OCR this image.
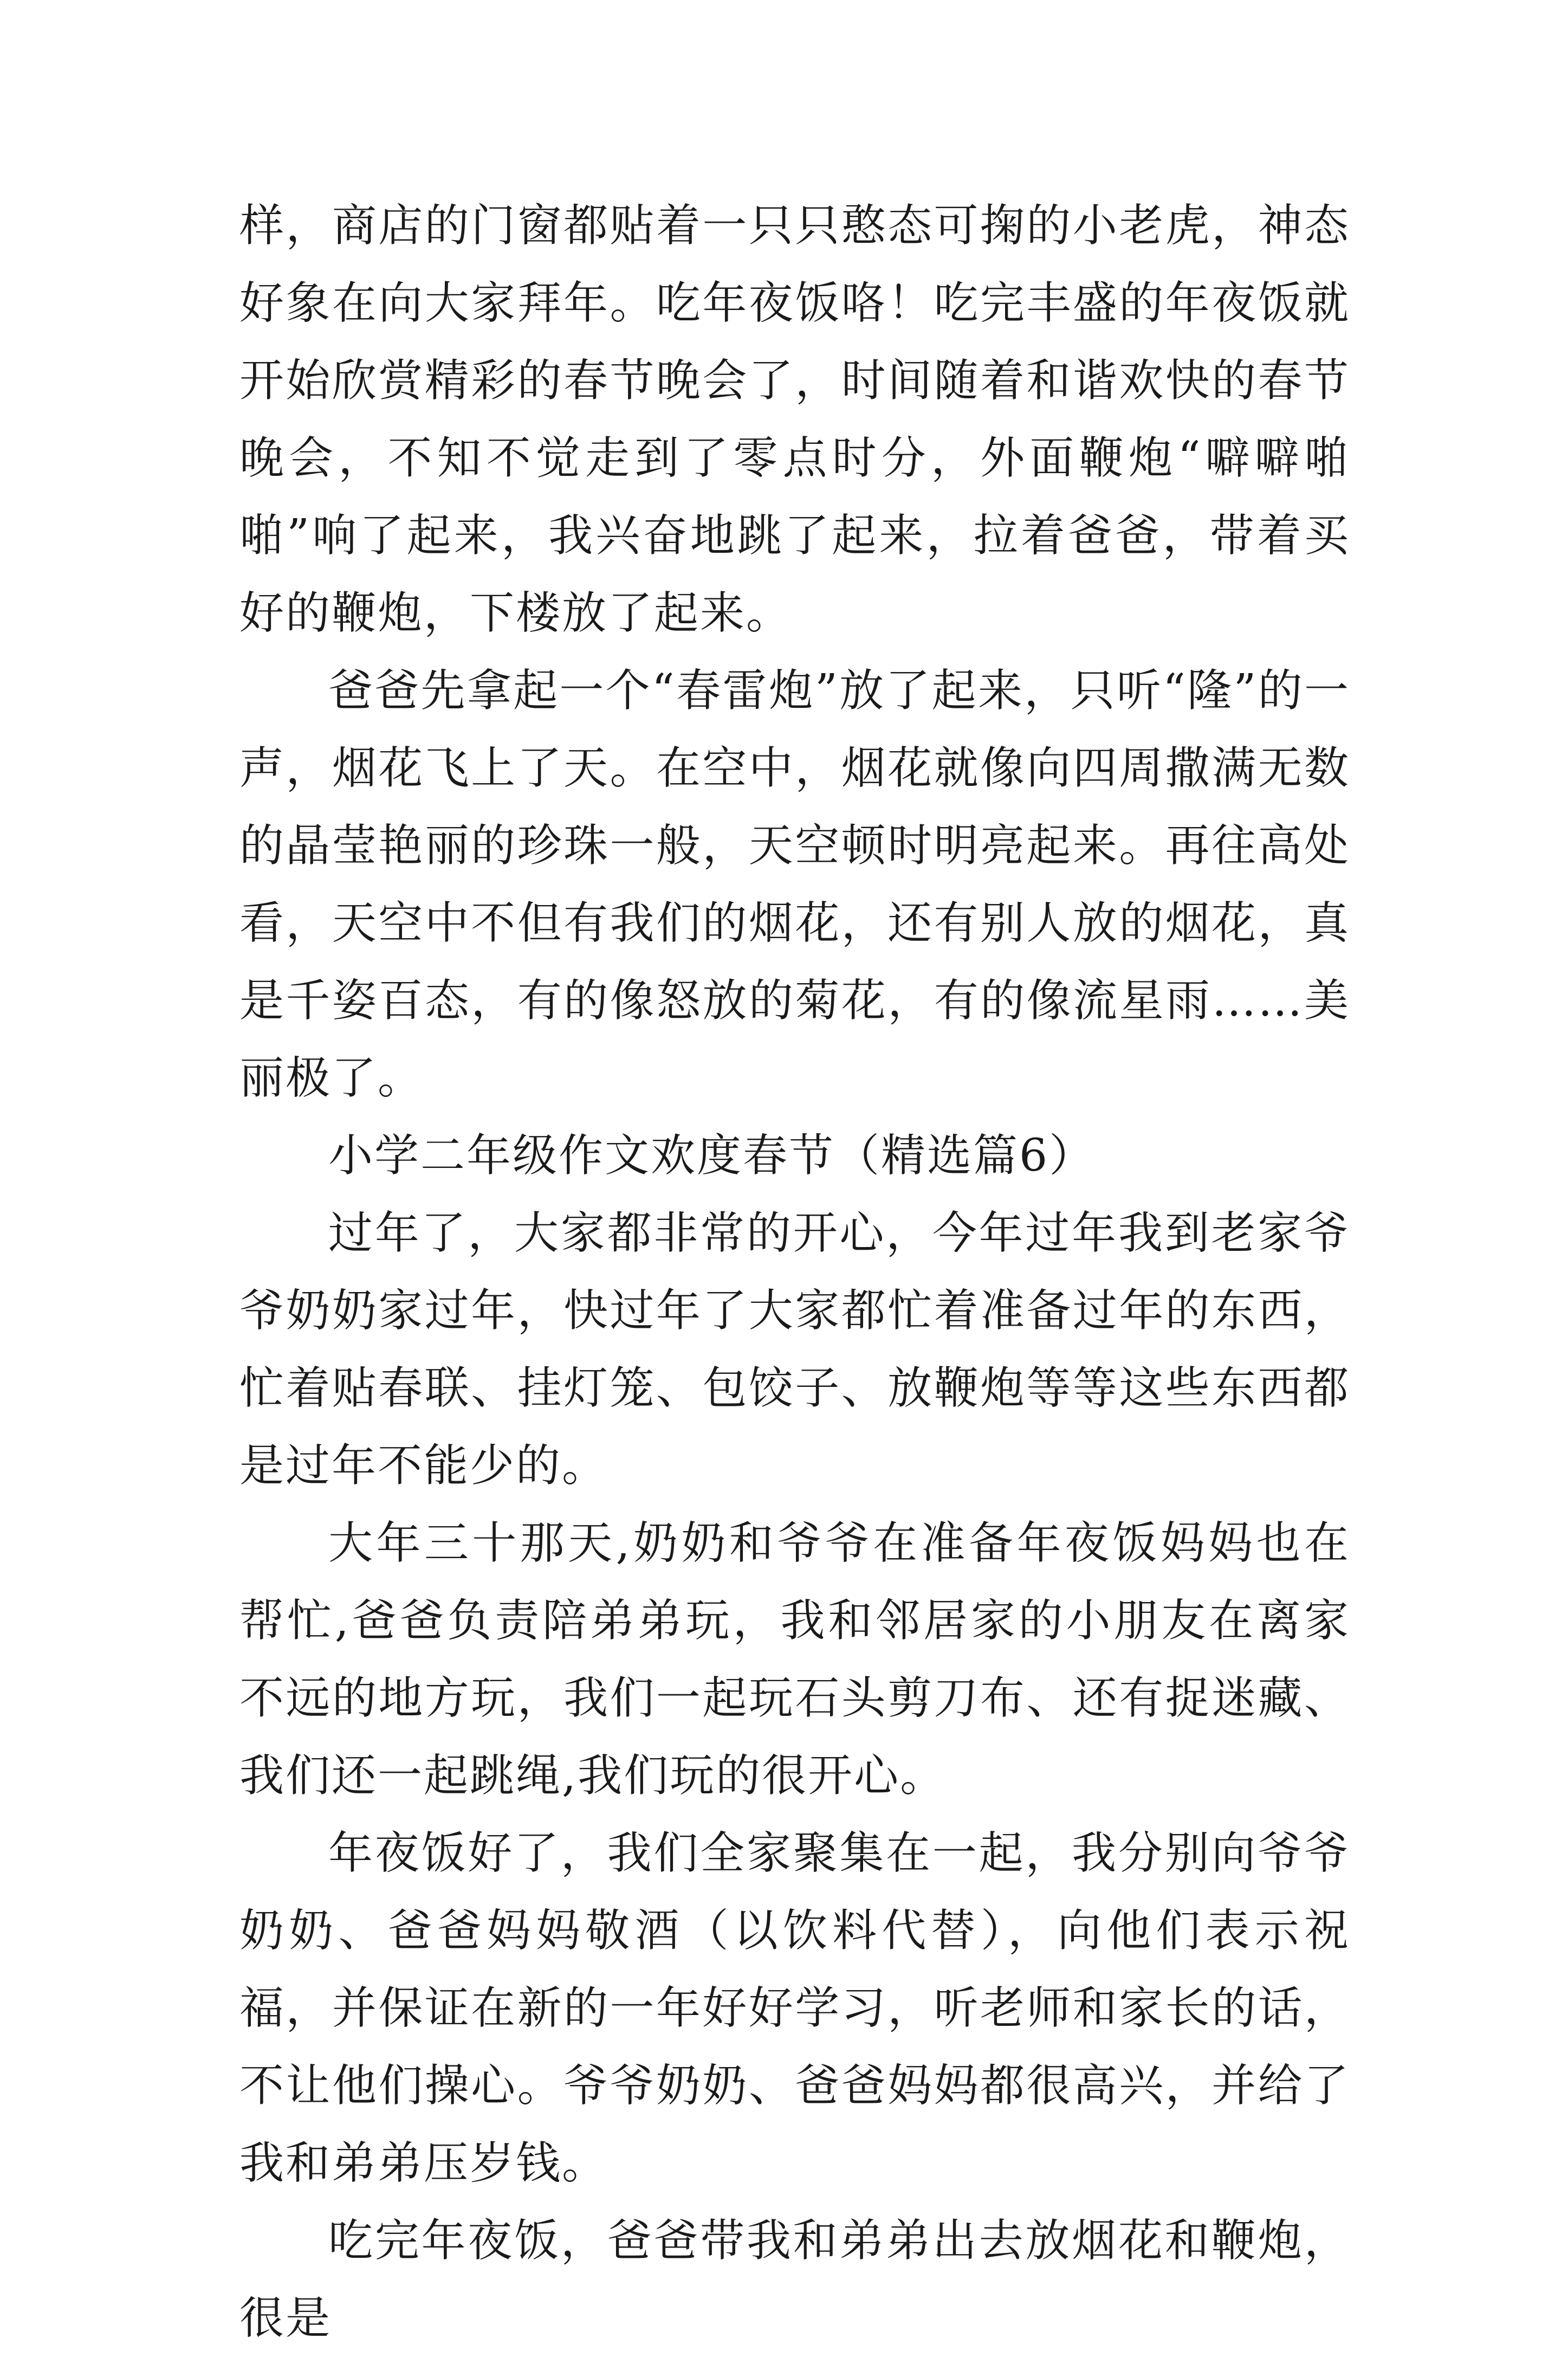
样，商店的门窗都贴着一只只憨态可掬的小老虎，神态好象在向大家拜年。吃年夜饭咯！吃完丰盛的年夜饭就开始欣赏精彩的春节晚会了，时间随着和谐欢快的春节晚会，不知不觉走到了零点时分，外面鞭炮“噼噼啪啪”响了起来，我兴奋地跳了起来，拉着爸爸，带着买好的鞭炮，下楼放了起来。

爸爸先拿起一个“春雷炮”放了起来，只听“隆”的一声，烟花飞上了天。在空中，烟花就像向四周撒满无数的晶莹艳丽的珍珠一般，天空顿时明亮起来。再往高处看，天空中不但有我们的烟花，还有别人放的烟花，真是千姿百态，有的像怒放的菊花，有的像流星雨……美丽极了。

小学二年级作文欢度春节（精选篇6）

过年了，大家都非常的开心，今年过年我到老家爷爷奶奶家过年，快过年了大家都忙着准备过年的东西，忙着贴春联、挂灯笼、包饺子、放鞭炮等等这些东西都是过年不能少的。

大年三十那天,奶奶和爷爷在准备年夜饭妈妈也在帮忙,爸爸负责陪弟弟玩，我和邻居家的小朋友在离家不远的地方玩，我们一起玩石头剪刀布、还有捉迷藏、我们还一起跳绳,我们玩的很开心。

年夜饭好了，我们全家聚集在一起，我分别向爷爷奶奶、爸爸妈妈敬酒（以饮料代替），向他们表示祝福，并保证在新的一年好好学习，听老师和家长的话，不让他们操心。爷爷奶奶、爸爸妈妈都很高兴，并给了我和弟弟压岁钱。

吃完年夜饭，爸爸带我和弟弟出去放烟花和鞭炮，很是
